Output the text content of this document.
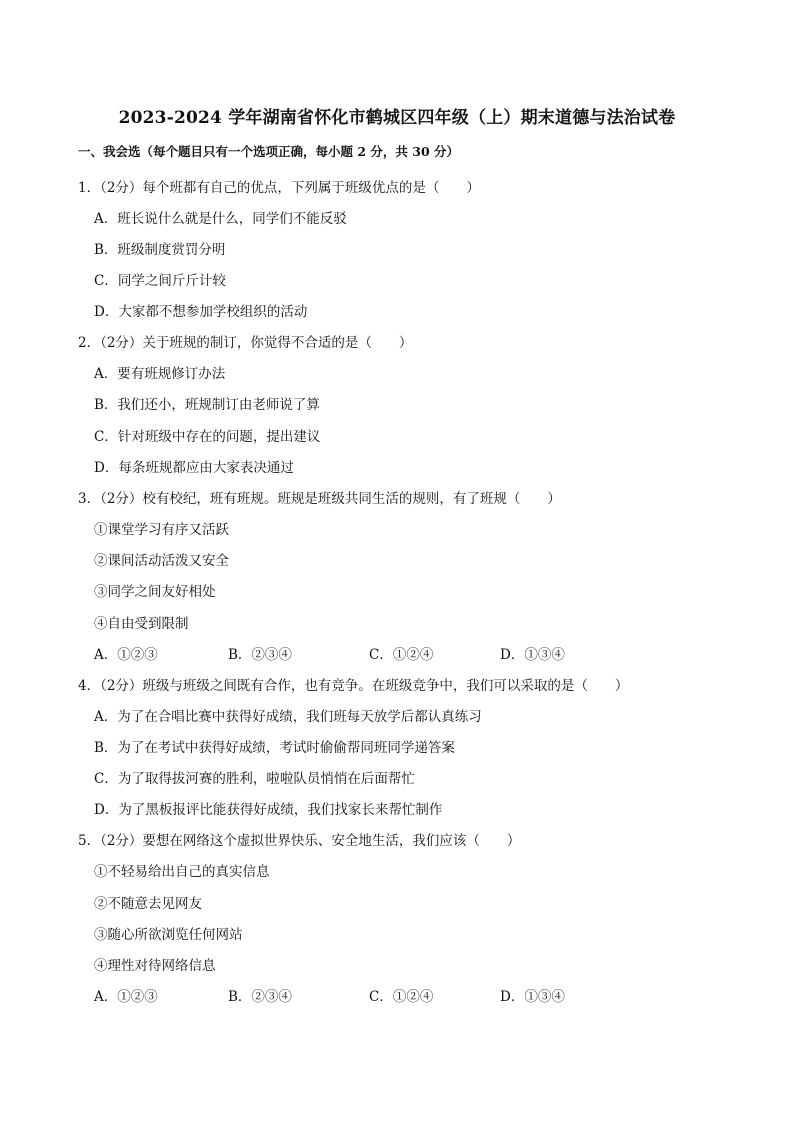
2023-2024 学年湖南省怀化市鹤城区四年级（上）期末道德与法治试卷
一、我会选（每个题目只有一个选项正确，每小题 2 分，共 30 分）
1．（2分）每个班都有自己的优点，下列属于班级优点的是（　　）
A．班长说什么就是什么，同学们不能反驳
B．班级制度赏罚分明
C．同学之间斤斤计较
D．大家都不想参加学校组织的活动
2．（2分）关于班规的制订，你觉得不合适的是（　　）
A．要有班规修订办法
B．我们还小，班规制订由老师说了算
C．针对班级中存在的问题，提出建议
D．每条班规都应由大家表决通过
3．（2分）校有校纪，班有班规。班规是班级共同生活的规则，有了班规（　　）
①课堂学习有序又活跃
②课间活动活泼又安全
③同学之间友好相处
④自由受到限制
A．①②③	B．②③④	C．①②④	D．①③④
4．（2分）班级与班级之间既有合作，也有竞争。在班级竞争中，我们可以采取的是（　　）
A．为了在合唱比赛中获得好成绩，我们班每天放学后都认真练习
B．为了在考试中获得好成绩，考试时偷偷帮同班同学递答案
C．为了取得拔河赛的胜利，啦啦队员悄悄在后面帮忙
D．为了黑板报评比能获得好成绩，我们找家长来帮忙制作
5．（2分）要想在网络这个虚拟世界快乐、安全地生活，我们应该（　　）
①不轻易给出自己的真实信息
②不随意去见网友
③随心所欲浏览任何网站
④理性对待网络信息
A．①②③	B．②③④	C．①②④	D．①③④
